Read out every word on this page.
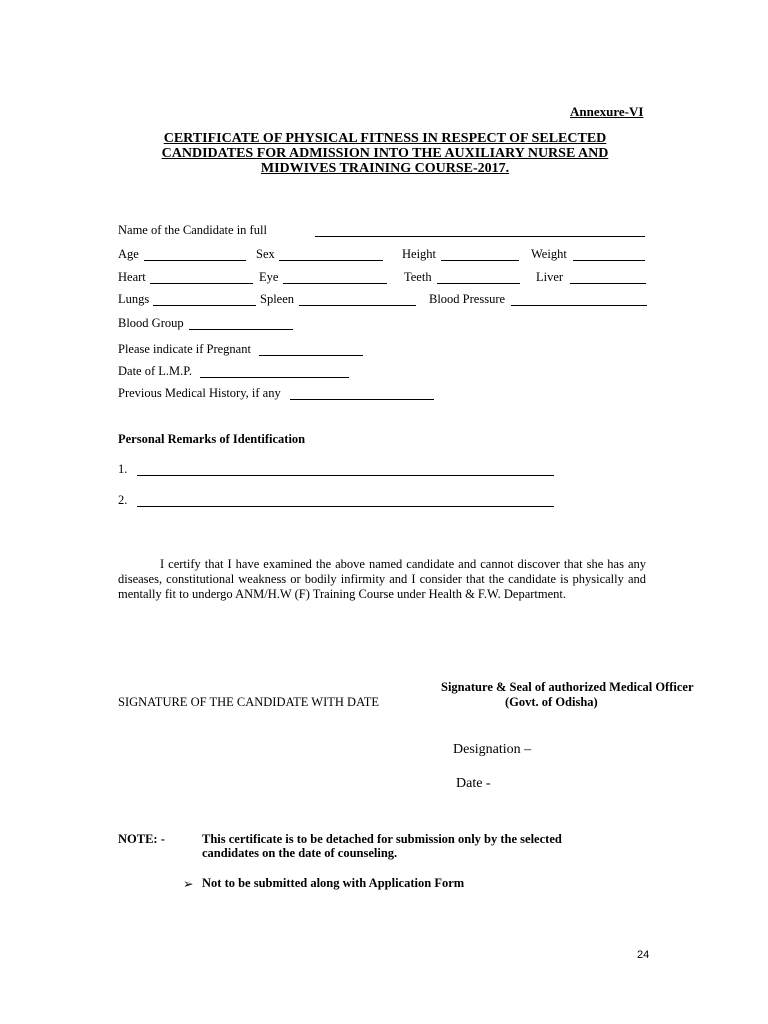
Annexure-VI
CERTIFICATE OF PHYSICAL FITNESS IN RESPECT OF SELECTED
CANDIDATES FOR ADMISSION INTO THE AUXILIARY NURSE AND
MIDWIVES TRAINING COURSE-2017.
Name of the Candidate in full
Age	Sex	Height	Weight
Heart	Eye	Teeth	Liver
Lungs	Spleen	Blood Pressure
Blood Group
Please indicate if Pregnant
Date of L.M.P.
Previous Medical History, if any
Personal Remarks of Identification
1.
2.
I certify that I have examined the above named candidate and cannot discover that she has any diseases, constitutional weakness or bodily infirmity and I consider that the candidate is physically and mentally fit to undergo ANM/H.W (F) Training Course under Health & F.W. Department.
SIGNATURE OF THE CANDIDATE WITH DATE
Signature & Seal of authorized Medical Officer
(Govt. of Odisha)
Designation –
Date -
NOTE: -	This certificate is to be detached for submission only by the selected
candidates on the date of counseling.
➢ Not to be submitted along with Application Form
24
